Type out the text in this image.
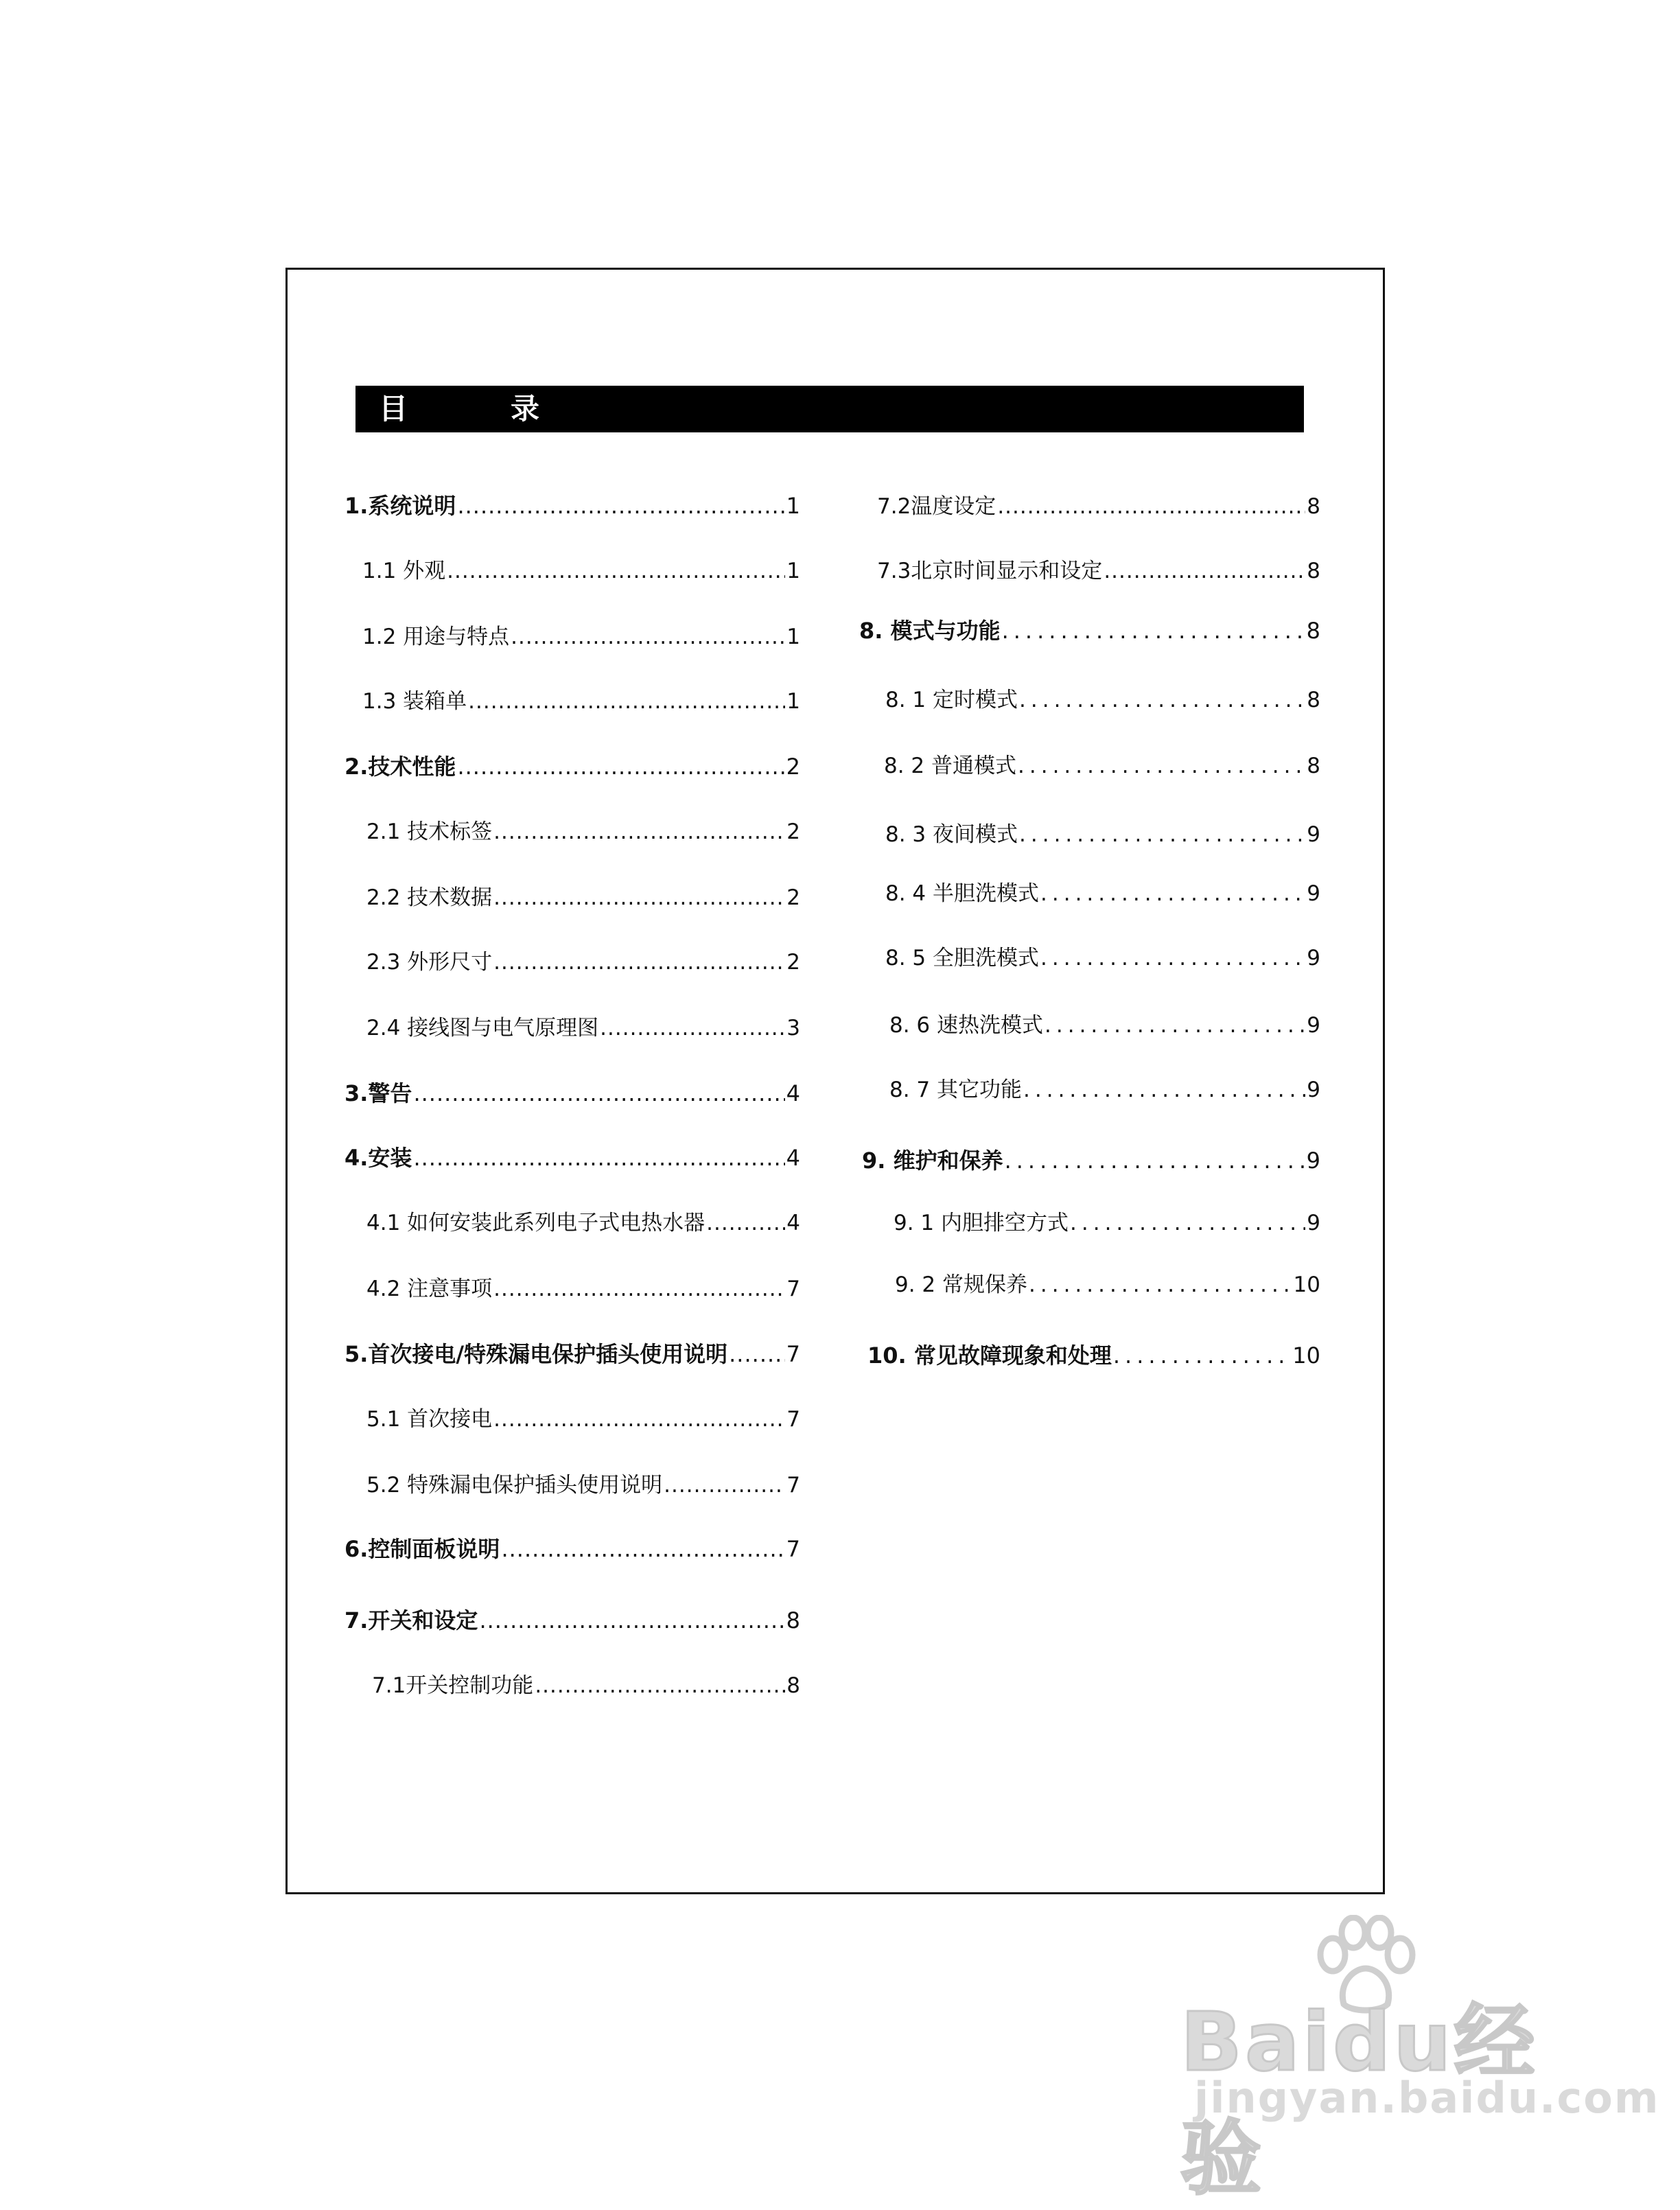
目	录
1.系统说明 .....	1
1.1 外观 .....	1
1.2 用途与特点 .....	1
1.3 装箱单 .....	1
2.技术性能 .....	2
2.1 技术标签 .....	2
2.2 技术数据 .....	2
2.3 外形尺寸 .....	2
2.4 接线图与电气原理图 .....	3
3.警告 .....	4
4.安装 .....	4
4.1 如何安装此系列电子式电热水器 .....	4
4.2 注意事项 .....	7
5.首次接电/特殊漏电保护插头使用说明 .....	7
5.1 首次接电 .....	7
5.2 特殊漏电保护插头使用说明 .....	7
6.控制面板说明 .....	7
7.开关和设定 .....	8
7.1开关控制功能 .....	8
7.2温度设定 .....	8
7.3北京时间显示和设定 .....	8
8. 模式与功能 .....	8
8. 1 定时模式 .....	8
8. 2 普通模式 .....	8
8. 3 夜间模式 .....	9
8. 4 半胆洗模式 .....	9
8. 5 全胆洗模式 .....	9
8. 6 速热洗模式 .....	9
8. 7 其它功能 .....	9
9. 维护和保养 .....	9
9. 1 内胆排空方式 .....	9
9. 2 常规保养 .....	10
10. 常见故障现象和处理 .....	10
Baidu经验
jingyan.baidu.com
